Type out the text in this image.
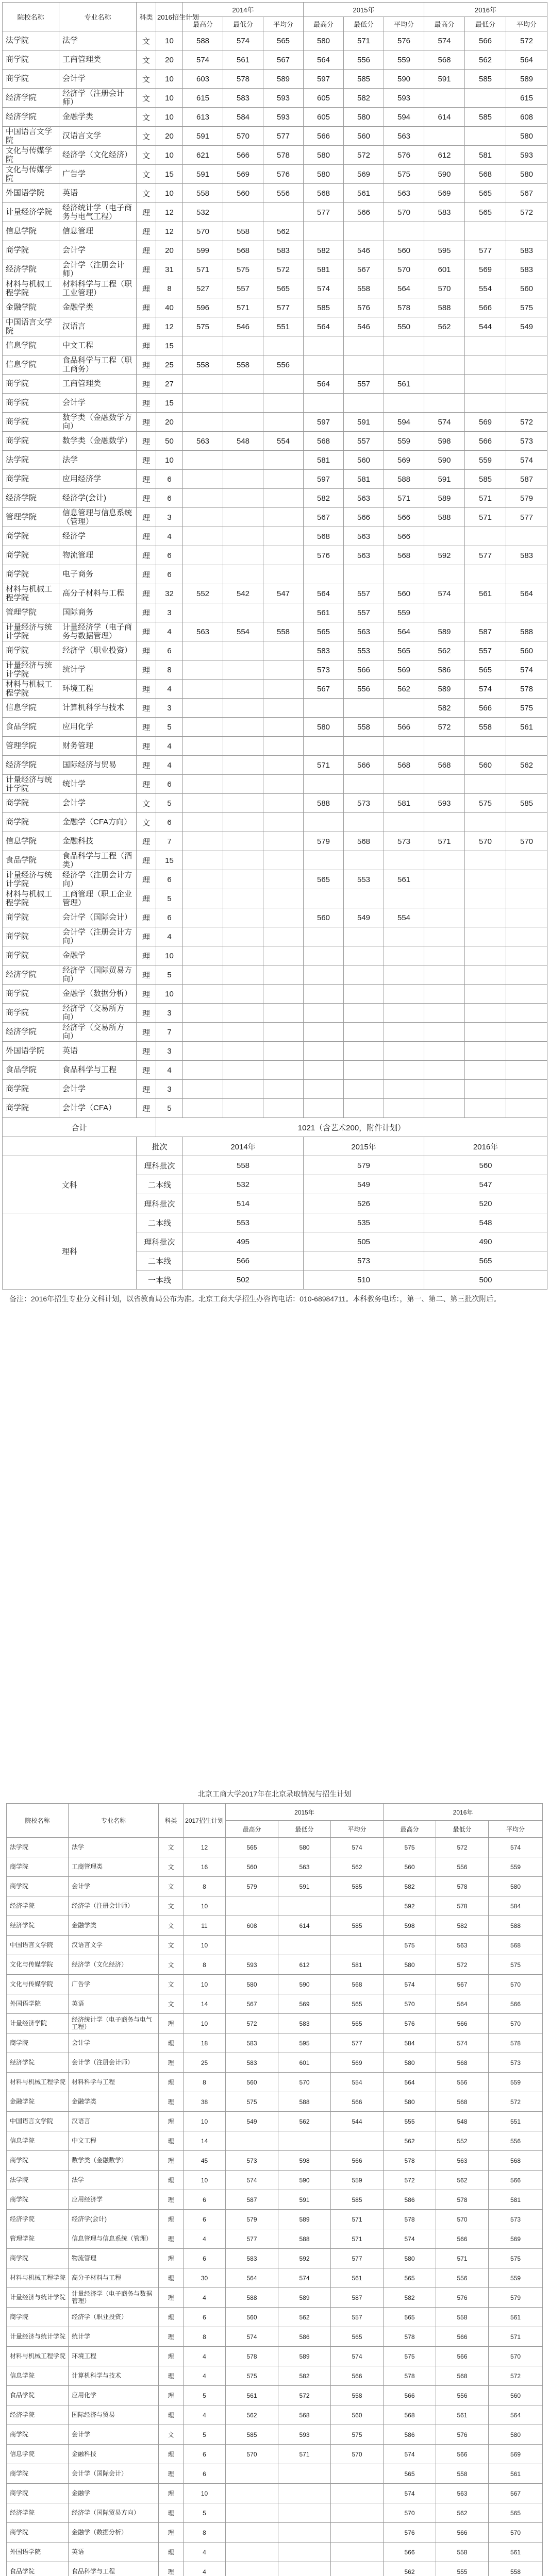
院校名称	专业名称	科类	2016招生计划	2014年			2015年			2016年		
				最高分	最低分	平均分	最高分	最低分	平均分	最高分	最低分	平均分
法学院	法学	文	10	588	574	565	580	571	576	574	566	572
商学院	工商管理类	文	20	574	561	567	564	556	559	568	562	564
商学院	会计学	文	10	603	578	589	597	585	590	591	585	589
经济学院	经济学（注册会计师）	文	10	615	583	593	605	582	593			615
经济学院	金融学类	文	10	613	584	593	605	580	594	614	585	608
中国语言文学院	汉语言文学	文	20	591	570	577	566	560	563			580
文化与传媒学院	经济学（文化经济）	文	10	621	566	578	580	572	576	612	581	593
文化与传媒学院	广告学	文	15	591	569	576	580	569	575	590	568	580
外国语学院	英语	文	10	558	560	556	568	561	563	569	565	567
计量经济学院	经济统计学（电子商务与电气工程）	理	12	532			577	566	570	583	565	572
信息学院	信息管理	理	12	570	558	562						
商学院	会计学	理	20	599	568	583	582	546	560	595	577	583
经济学院	会计学（注册会计师）	理	31	571	575	572	581	567	570	601	569	583
材料与机械工程学院	材料科学与工程（职工业管理）	理	8	527	557	565	574	558	564	570	554	560
金融学院	金融学类	理	40	596	571	577	585	576	578	588	566	575
中国语言文学院	汉语言	理	12	575	546	551	564	546	550	562	544	549
信息学院	中文工程	理	15									
信息学院	食品科学与工程（职工商务）	理	25	558	558	556						
商学院	工商管理类	理	27				564	557	561			
商学院	会计学	理	15									
商学院	数学类（金融数学方向）	理	20				597	591	594	574	569	572
商学院	数学类（金融数学）	理	50	563	548	554	568	557	559	598	566	573
法学院	法学	理	10				581	560	569	590	559	574
商学院	应用经济学	理	6				597	581	588	591	585	587
经济学院	经济学(会计)	理	6				582	563	571	589	571	579
管理学院	信息管理与信息系统（管理）	理	3				567	566	566	588	571	577
商学院	经济学	理	4				568	563	566			
商学院	物流管理	理	6				576	563	568	592	577	583
商学院	电子商务	理	6									
材料与机械工程学院	高分子材料与工程	理	32	552	542	547	564	557	560	574	561	564
管理学院	国际商务	理	3				561	557	559			
计量经济与统计学院	计量经济学（电子商务与数据管理）	理	4	563	554	558	565	563	564	589	587	588
商学院	经济学（职业投资）	理	6				583	553	565	562	557	560
计量经济与统计学院	统计学	理	8				573	566	569	586	565	574
材料与机械工程学院	环境工程	理	4				567	556	562	589	574	578
信息学院	计算机科学与技术	理	3							582	566	575
食品学院	应用化学	理	5				580	558	566	572	558	561
管理学院	财务管理	理	4									
经济学院	国际经济与贸易	理	4				571	566	568	568	560	562
计量经济与统计学院	统计学	理	6									
商学院	会计学	文	5				588	573	581	593	575	585
商学院	金融学（CFA方向）	文	6									
信息学院	金融科技	理	7				579	568	573	571	570	570
食品学院	食品科学与工程（酒类）	理	15									
计量经济与统计学院	经济学（注册会计方向）	理	6				565	553	561			
材料与机械工程学院	工商管理（职工企业管理）	理	5									
商学院	会计学（国际会计）	理	6				560	549	554			
商学院	会计学（注册会计方向）	理	4									
商学院	金融学	理	10									
经济学院	经济学（国际贸易方向）	理	5									
商学院	金融学（数据分析）	理	10									
商学院	经济学（交易所方向）	理	3									
经济学院	经济学（交易所方向）	理	7									
外国语学院	英语	理	3									
食品学院	食品科学与工程	理	4									
商学院	会计学	理	3									
商学院	会计学（CFA）	理	5									
合计			1021（含艺术200，附件计划）									
		批次		2014年			2015年			2016年		
文科		理科批次		558			579			560		
		二本线		532			549			547		
		理科批次		514			526			520		
理科		二本线		553			535			548		
		理科批次		495			505			490		
		二本线		566			573			565		
		一本线		502			510			500		
备注：2016年招生专业分文科计划，以省教育局公布为准。北京工商大学招生办咨询电话：010-68984711。本科教务电话：，第一、第二、第三批次附后。
北京工商大学2017年在北京录取情况与招生计划
院校名称	专业名称	科类	2017招生计划	2015年			2016年			
				最高分	最低分	平均分	最高分	最低分	平均分	
法学院	法学	文	12	565	580	574	575	572	574	
商学院	工商管理类	文	16	560	563	562	560	556	559	
商学院	会计学	文	8	579	591	585	582	578	580	
经济学院	经济学（注册会计师）	文	10				592	578	584	
经济学院	金融学类	文	11	608	614	585	598	582	588	
中国语言文学院	汉语言文学	文	10				575	563	568	
文化与传媒学院	经济学（文化经济）	文	8	593	612	581	580	572	575	
文化与传媒学院	广告学	文	10	580	590	568	574	567	570	
外国语学院	英语	文	14	567	569	565	570	564	566	
计量经济学院	经济统计学（电子商务与电气工程）	理	10	572	583	565	576	566	570	
商学院	会计学	理	18	583	595	577	584	574	578	
经济学院	会计学（注册会计师）	理	25	583	601	569	580	568	573	
材料与机械工程学院	材料科学与工程	理	8	560	570	554	564	556	559	
金融学院	金融学类	理	38	575	588	566	580	568	572	
中国语言文学院	汉语言	理	10	549	562	544	555	548	551	
信息学院	中文工程	理	14				562	552	556	
商学院	数学类（金融数学）	理	45	573	598	566	578	563	568	
法学院	法学	理	10	574	590	559	572	562	566	
商学院	应用经济学	理	6	587	591	585	586	578	581	
经济学院	经济学(会计)	理	6	579	589	571	578	570	573	
管理学院	信息管理与信息系统（管理）	理	4	577	588	571	574	566	569	
商学院	物流管理	理	6	583	592	577	580	571	575	
材料与机械工程学院	高分子材料与工程	理	30	564	574	561	565	556	559	
计量经济与统计学院	计量经济学（电子商务与数据管理）	理	4	588	589	587	582	576	579	
商学院	经济学（职业投资）	理	6	560	562	557	565	558	561	
计量经济与统计学院	统计学	理	8	574	586	565	578	566	571	
材料与机械工程学院	环境工程	理	4	578	589	574	575	566	570	
信息学院	计算机科学与技术	理	4	575	582	566	578	568	572	
食品学院	应用化学	理	5	561	572	558	566	556	560	
经济学院	国际经济与贸易	理	4	562	568	560	568	561	564	
商学院	会计学	文	5	585	593	575	586	576	580	
信息学院	金融科技	理	6	570	571	570	574	566	569	
商学院	会计学（国际会计）	理	6				565	558	561	
商学院	金融学	理	10				574	563	567	
经济学院	经济学（国际贸易方向）	理	5				570	562	565	
商学院	金融学（数据分析）	理	8				576	566	570	
外国语学院	英语	理	4				566	558	561	
食品学院	食品科学与工程	理	4				562	555	558	
